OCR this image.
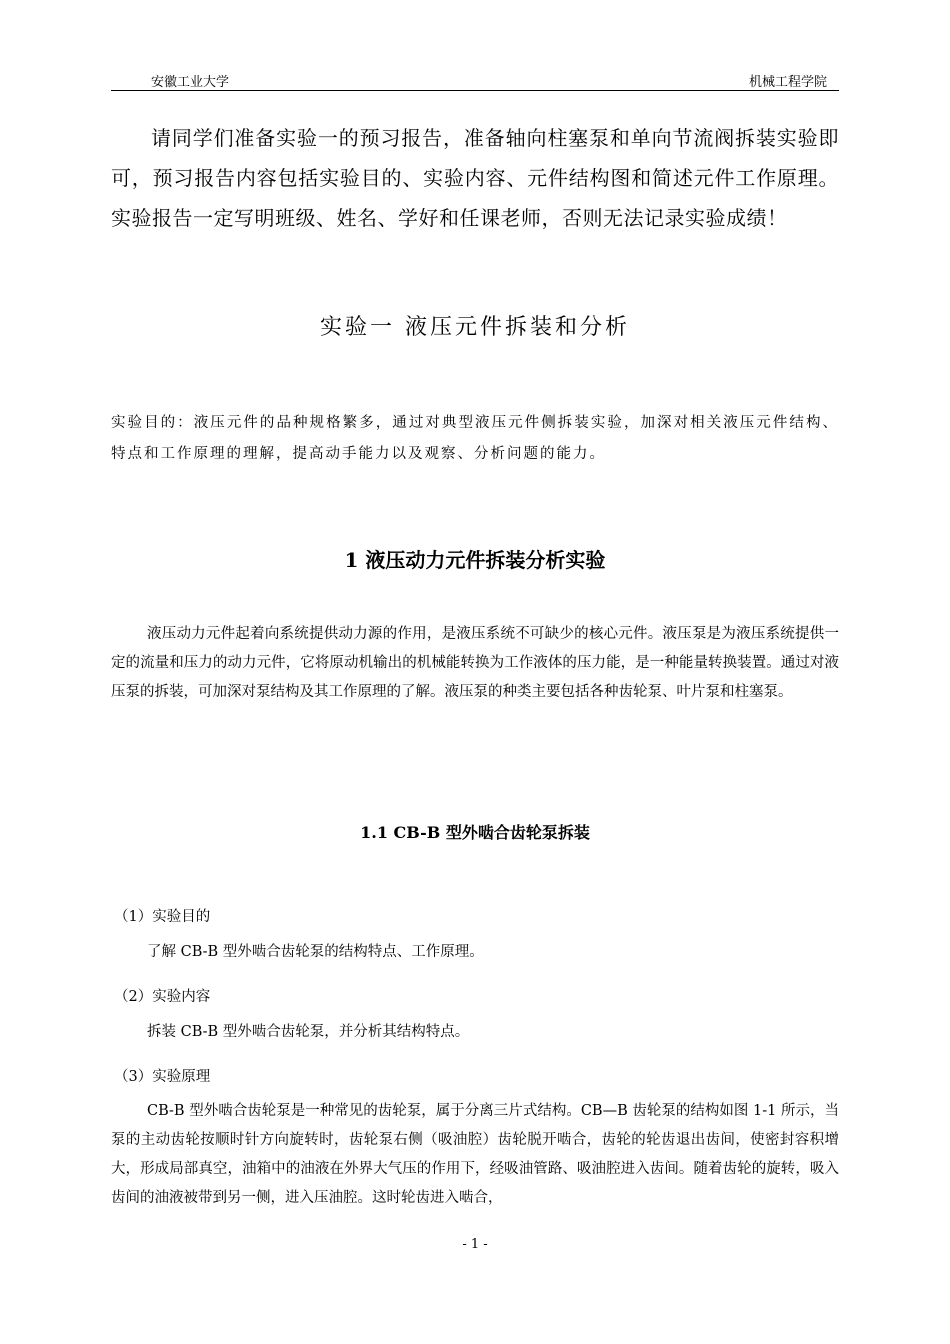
安徽工业大学	机械工程学院

请同学们准备实验一的预习报告，准备轴向柱塞泵和单向节流阀拆装实验即可，预习报告内容包括实验目的、实验内容、元件结构图和简述元件工作原理。实验报告一定写明班级、姓名、学好和任课老师，否则无法记录实验成绩！

实验一 液压元件拆装和分析

实验目的：液压元件的品种规格繁多，通过对典型液压元件侧拆装实验，加深对相关液压元件结构、特点和工作原理的理解，提高动手能力以及观察、分析问题的能力。

1 液压动力元件拆装分析实验

液压动力元件起着向系统提供动力源的作用，是液压系统不可缺少的核心元件。液压泵是为液压系统提供一定的流量和压力的动力元件，它将原动机输出的机械能转换为工作液体的压力能，是一种能量转换装置。通过对液压泵的拆装，可加深对泵结构及其工作原理的了解。液压泵的种类主要包括各种齿轮泵、叶片泵和柱塞泵。

1.1 CB-B 型外啮合齿轮泵拆装
（1）实验目的
了解 CB-B 型外啮合齿轮泵的结构特点、工作原理。
（2）实验内容
拆装 CB-B 型外啮合齿轮泵，并分析其结构特点。
（3）实验原理

CB-B 型外啮合齿轮泵是一种常见的齿轮泵，属于分离三片式结构。CB—B 齿轮泵的结构如图 1-1 所示，当泵的主动齿轮按顺时针方向旋转时，齿轮泵右侧（吸油腔）齿轮脱开啮合，齿轮的轮齿退出齿间，使密封容积增大，形成局部真空，油箱中的油液在外界大气压的作用下，经吸油管路、吸油腔进入齿间。随着齿轮的旋转，吸入齿间的油液被带到另一侧，进入压油腔。这时轮齿进入啮合，

- 1 -
